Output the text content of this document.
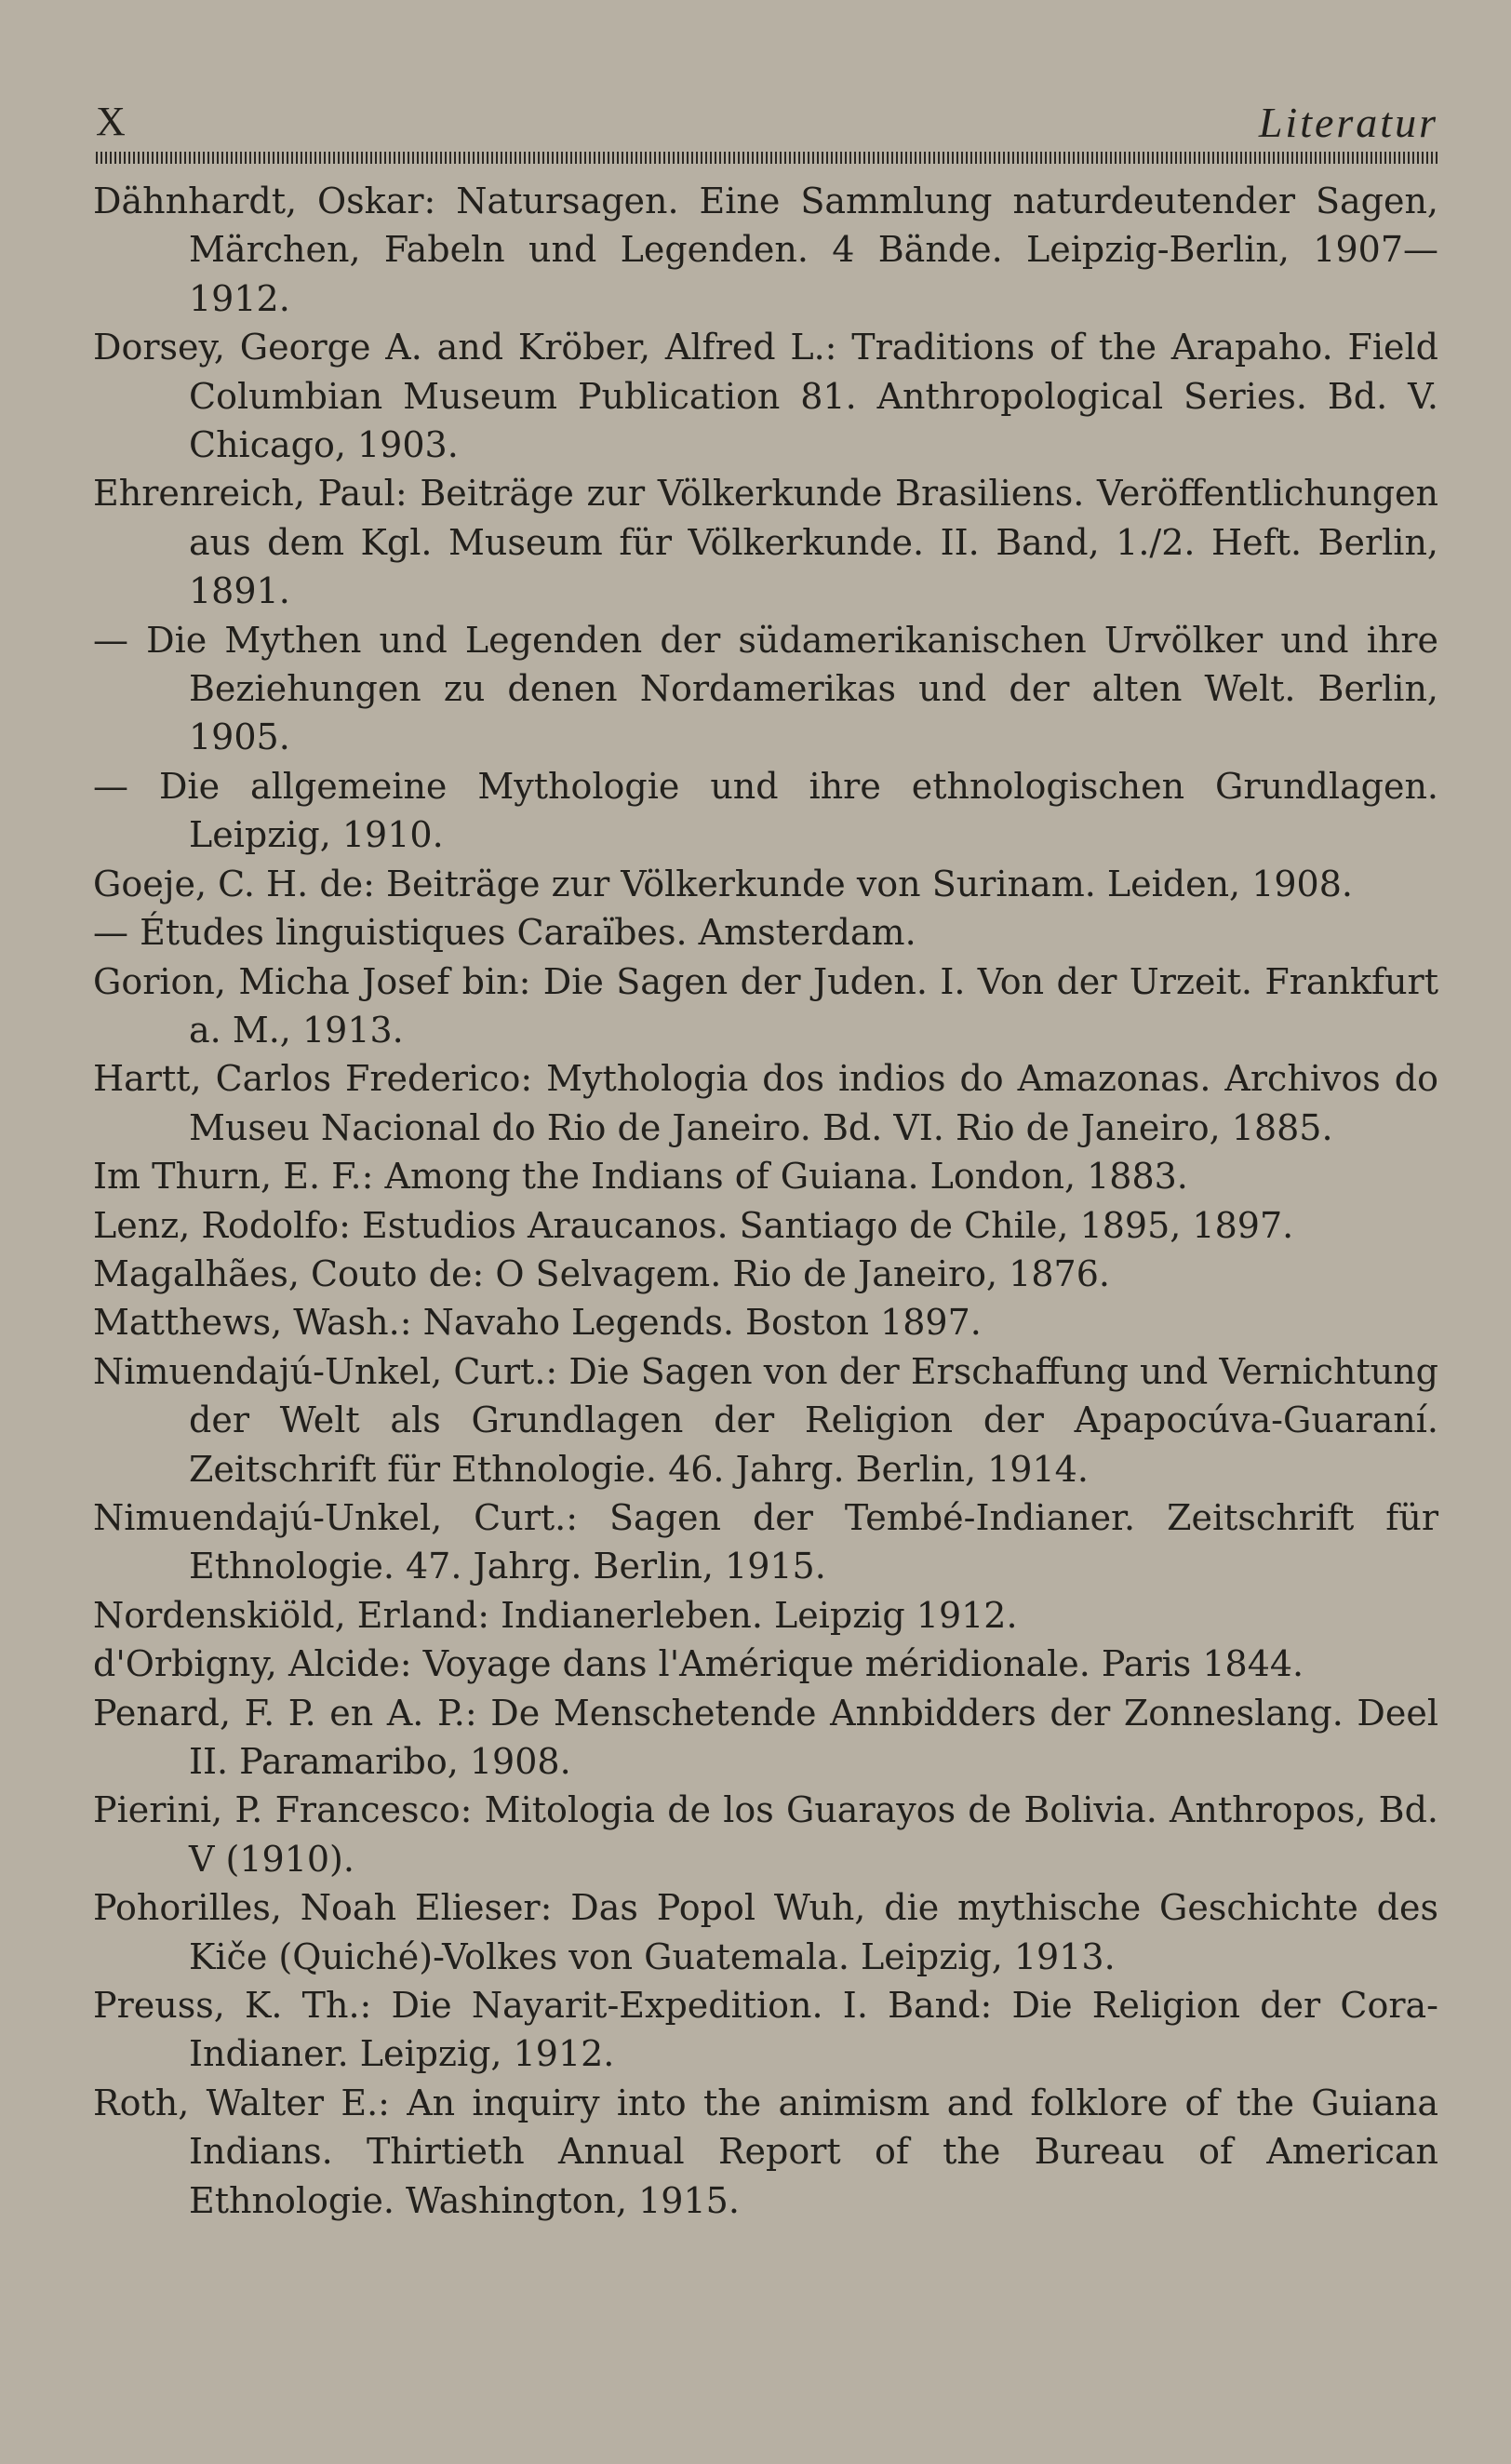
X	Literatur

Dähnhardt, Oskar: Natursagen. Eine Sammlung naturdeutender Sagen, Märchen, Fabeln und Legenden. 4 Bände. Leipzig-Berlin, 1907—1912.

Dorsey, George A. and Kröber, Alfred L.: Traditions of the Arapaho. Field Columbian Museum Publication 81. Anthropological Series. Bd. V. Chicago, 1903.

Ehrenreich, Paul: Beiträge zur Völkerkunde Brasiliens. Veröffentlichungen aus dem Kgl. Museum für Völkerkunde. II. Band, 1./2. Heft. Berlin, 1891.

— Die Mythen und Legenden der südamerikanischen Urvölker und ihre Beziehungen zu denen Nordamerikas und der alten Welt. Berlin, 1905.

— Die allgemeine Mythologie und ihre ethnologischen Grundlagen. Leipzig, 1910.

Goeje, C. H. de: Beiträge zur Völkerkunde von Surinam. Leiden, 1908.

— Études linguistiques Caraïbes. Amsterdam.

Gorion, Micha Josef bin: Die Sagen der Juden. I. Von der Urzeit. Frankfurt a. M., 1913.

Hartt, Carlos Frederico: Mythologia dos indios do Amazonas. Archivos do Museu Nacional do Rio de Janeiro. Bd. VI. Rio de Janeiro, 1885.

Im Thurn, E. F.: Among the Indians of Guiana. London, 1883.

Lenz, Rodolfo: Estudios Araucanos. Santiago de Chile, 1895, 1897.

Magalhães, Couto de: O Selvagem. Rio de Janeiro, 1876.

Matthews, Wash.: Navaho Legends. Boston 1897.

Nimuendajú-Unkel, Curt.: Die Sagen von der Erschaffung und Vernichtung der Welt als Grundlagen der Religion der Apapocúva-Guaraní. Zeitschrift für Ethnologie. 46. Jahrg. Berlin, 1914.

Nimuendajú-Unkel, Curt.: Sagen der Tembé-Indianer. Zeitschrift für Ethnologie. 47. Jahrg. Berlin, 1915.

Nordenskiöld, Erland: Indianerleben. Leipzig 1912.

d'Orbigny, Alcide: Voyage dans l'Amérique méridionale. Paris 1844.

Penard, F. P. en A. P.: De Menschetende Annbidders der Zonneslang. Deel II. Paramaribo, 1908.

Pierini, P. Francesco: Mitologia de los Guarayos de Bolivia. Anthropos, Bd. V (1910).

Pohorilles, Noah Elieser: Das Popol Wuh, die mythische Geschichte des Kiče (Quiché)-Volkes von Guatemala. Leipzig, 1913.

Preuss, K. Th.: Die Nayarit-Expedition. I. Band: Die Religion der Cora-Indianer. Leipzig, 1912.

Roth, Walter E.: An inquiry into the animism and folklore of the Guiana Indians. Thirtieth Annual Report of the Bureau of American Ethnologie. Washington, 1915.
